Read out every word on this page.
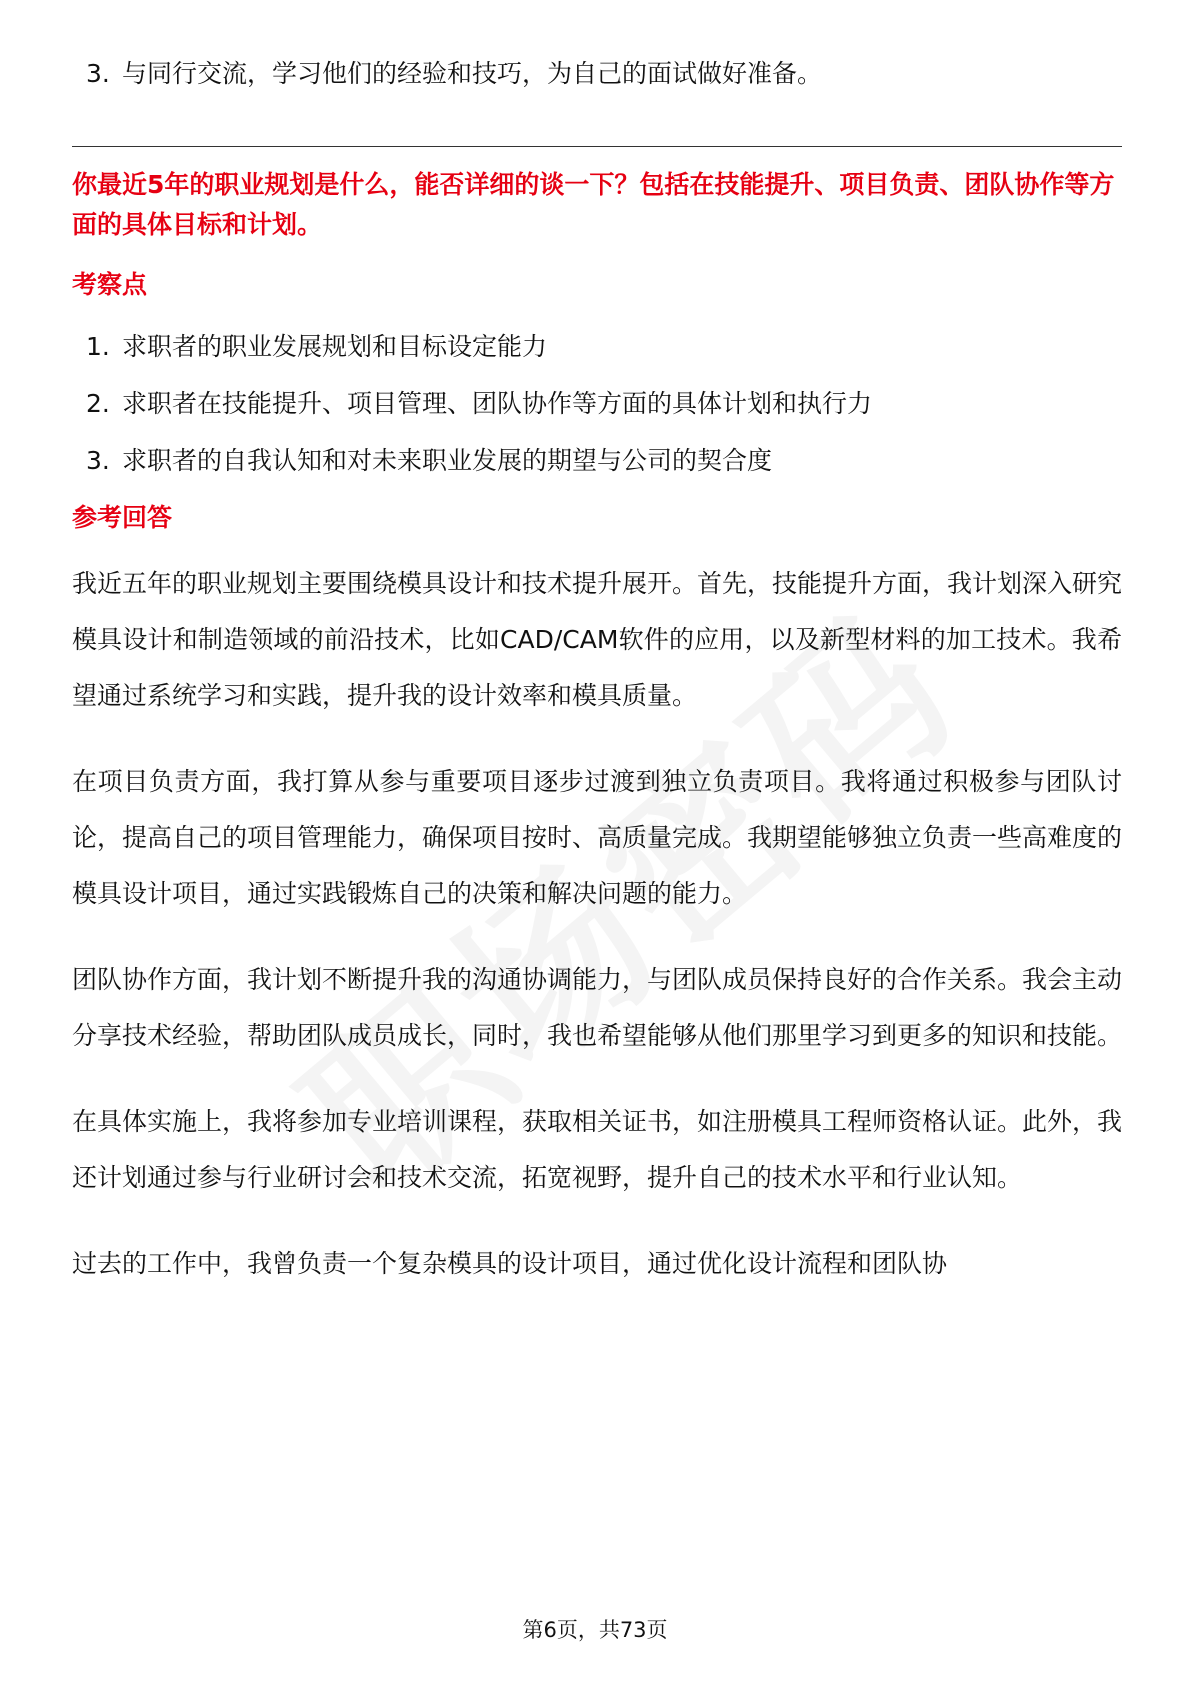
3. 与同行交流，学习他们的经验和技巧，为自己的面试做好准备。
你最近5年的职业规划是什么，能否详细的谈一下？包括在技能提升、项目负责、团队协作等方面的具体目标和计划。
考察点
1. 求职者的职业发展规划和目标设定能力
2. 求职者在技能提升、项目管理、团队协作等方面的具体计划和执行力
3. 求职者的自我认知和对未来职业发展的期望与公司的契合度
参考回答
我近五年的职业规划主要围绕模具设计和技术提升展开。首先，技能提升方面，我计划深入研究模具设计和制造领域的前沿技术，比如CAD/CAM软件的应用，以及新型材料的加工技术。我希望通过系统学习和实践，提升我的设计效率和模具质量。
在项目负责方面，我打算从参与重要项目逐步过渡到独立负责项目。我将通过积极参与团队讨论，提高自己的项目管理能力，确保项目按时、高质量完成。我期望能够独立负责一些高难度的模具设计项目，通过实践锻炼自己的决策和解决问题的能力。
团队协作方面，我计划不断提升我的沟通协调能力，与团队成员保持良好的合作关系。我会主动分享技术经验，帮助团队成员成长，同时，我也希望能够从他们那里学习到更多的知识和技能。
在具体实施上，我将参加专业培训课程，获取相关证书，如注册模具工程师资格认证。此外，我还计划通过参与行业研讨会和技术交流，拓宽视野，提升自己的技术水平和行业认知。
过去的工作中，我曾负责一个复杂模具的设计项目，通过优化设计流程和团队协
第6页，共73页
